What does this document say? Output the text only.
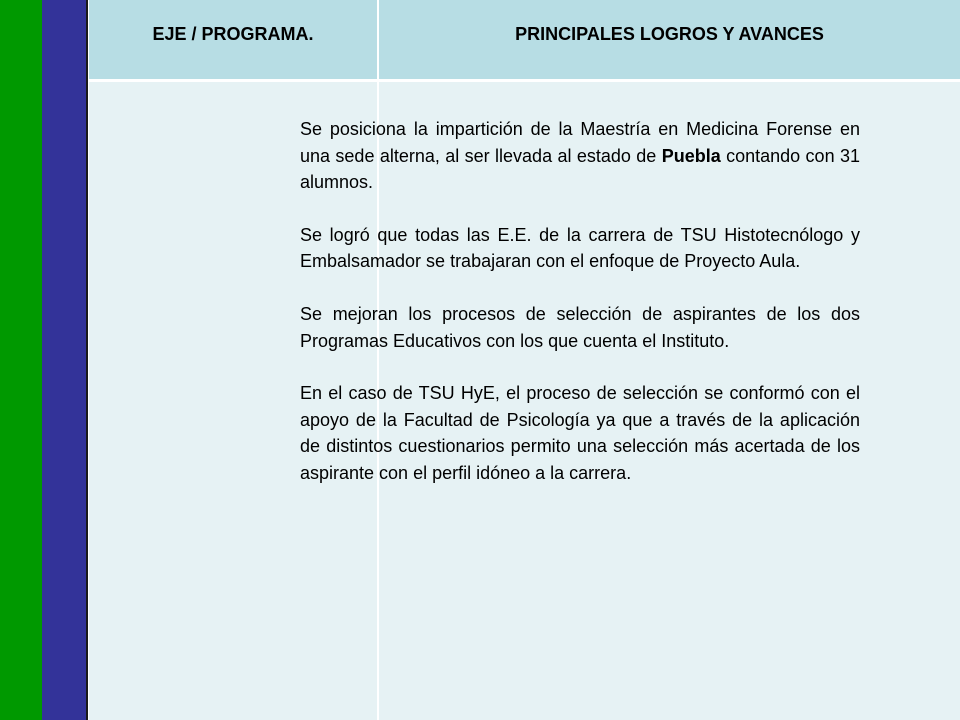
EJE / PROGRAMA.	PRINCIPALES LOGROS Y AVANCES

Se posiciona la impartición de la Maestría en Medicina Forense en una sede alterna, al ser llevada al estado de Puebla contando con 31 alumnos.

Se logró que todas las E.E. de la carrera de TSU Histotecnólogo y Embalsamador se trabajaran con el enfoque de Proyecto Aula.

Se mejoran los procesos de selección de aspirantes de los dos Programas Educativos con los que cuenta el Instituto.

En el caso de TSU HyE, el proceso de selección se conformó con el apoyo de la Facultad de Psicología ya que a través de la aplicación de distintos cuestionarios permito una selección más acertada de los aspirante con el perfil idóneo a la carrera.
